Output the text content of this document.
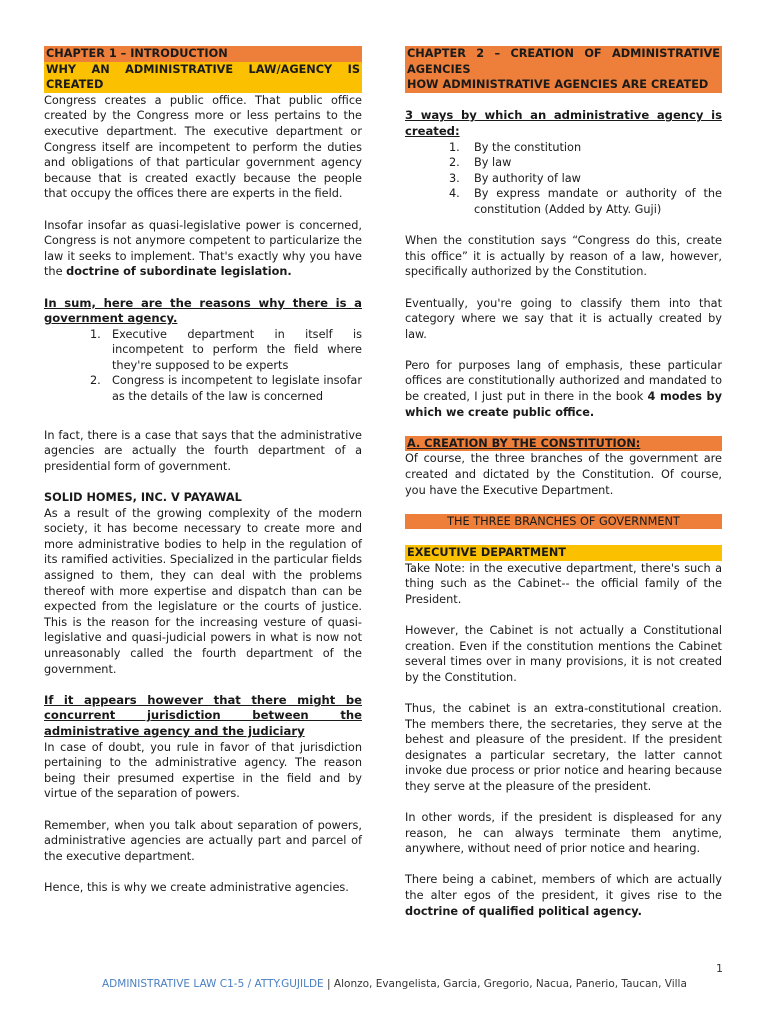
CHAPTER 1 – INTRODUCTION
WHY AN ADMINISTRATIVE LAW/AGENCY IS CREATED

Congress creates a public office. That public office created by the Congress more or less pertains to the executive department. The executive department or Congress itself are incompetent to perform the duties and obligations of that particular government agency because that is created exactly because the people that occupy the offices there are experts in the field.

Insofar insofar as quasi-legislative power is concerned, Congress is not anymore competent to particularize the law it seeks to implement. That's exactly why you have the doctrine of subordinate legislation.

In sum, here are the reasons why there is a government agency.

1. Executive department in itself is incompetent to perform the field where they're supposed to be experts
2. Congress is incompetent to legislate insofar as the details of the law is concerned

In fact, there is a case that says that the administrative agencies are actually the fourth department of a presidential form of government.

SOLID HOMES, INC. V PAYAWAL

As a result of the growing complexity of the modern society, it has become necessary to create more and more administrative bodies to help in the regulation of its ramified activities. Specialized in the particular fields assigned to them, they can deal with the problems thereof with more expertise and dispatch than can be expected from the legislature or the courts of justice. This is the reason for the increasing vesture of quasi-legislative and quasi-judicial powers in what is now not unreasonably called the fourth department of the government.

If it appears however that there might be concurrent jurisdiction between the administrative agency and the judiciary

In case of doubt, you rule in favor of that jurisdiction pertaining to the administrative agency. The reason being their presumed expertise in the field and by virtue of the separation of powers.

Remember, when you talk about separation of powers, administrative agencies are actually part and parcel of the executive department.

Hence, this is why we create administrative agencies.

CHAPTER 2 – CREATION OF ADMINISTRATIVE AGENCIES
HOW ADMINISTRATIVE AGENCIES ARE CREATED

3 ways by which an administrative agency is created:

1.	By the constitution
2.	By law
3.	By authority of law
4.	By express mandate or authority of the constitution (Added by Atty. Guji)

When the constitution says “Congress do this, create this office” it is actually by reason of a law, however, specifically authorized by the Constitution.

Eventually, you're going to classify them into that category where we say that it is actually created by law.

Pero for purposes lang of emphasis, these particular offices are constitutionally authorized and mandated to be created, I just put in there in the book 4 modes by which we create public office.

A. CREATION BY THE CONSTITUTION:

Of course, the three branches of the government are created and dictated by the Constitution. Of course, you have the Executive Department.

THE THREE BRANCHES OF GOVERNMENT
EXECUTIVE DEPARTMENT

Take Note: in the executive department, there's such a thing such as the Cabinet-- the official family of the President.

However, the Cabinet is not actually a Constitutional creation. Even if the constitution mentions the Cabinet several times over in many provisions, it is not created by the Constitution.

Thus, the cabinet is an extra-constitutional creation. The members there, the secretaries, they serve at the behest and pleasure of the president. If the president designates a particular secretary, the latter cannot invoke due process or prior notice and hearing because they serve at the pleasure of the president.

In other words, if the president is displeased for any reason, he can always terminate them anytime, anywhere, without need of prior notice and hearing.

There being a cabinet, members of which are actually the alter egos of the president, it gives rise to the doctrine of qualified political agency.

1
ADMINISTRATIVE LAW C1-5 / ATTY.GUJILDE | Alonzo, Evangelista, Garcia, Gregorio, Nacua, Panerio, Taucan, Villa
